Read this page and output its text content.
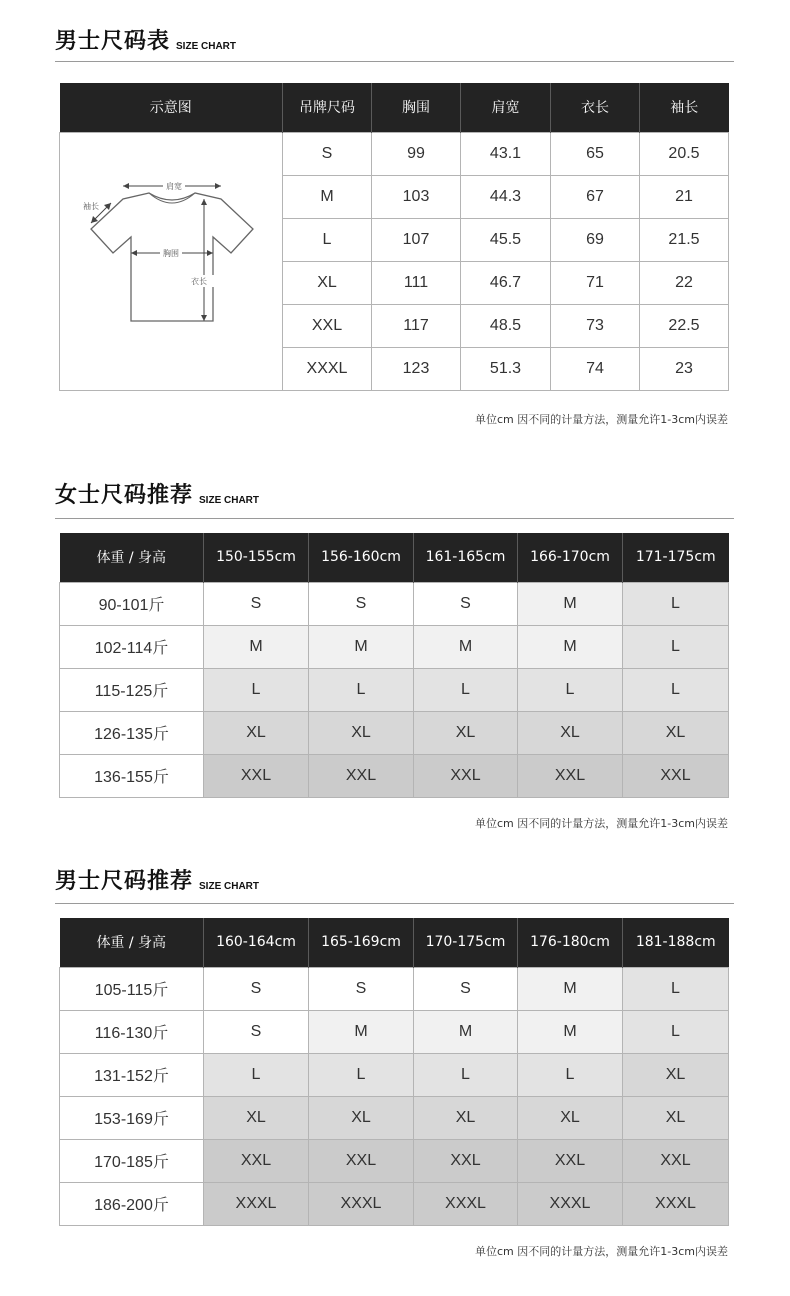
男士尺码表 SIZE CHART
示意图	吊牌尺码	胸围	肩宽	衣长	袖长

肩宽
袖长
胸围
衣长	S	99	43.1	65	20.5
	M	103	44.3	67	21
	L	107	45.5	69	21.5
	XL	111	46.7	71	22
	XXL	117	48.5	73	22.5
	XXXL	123	51.3	74	23
单位cm 因不同的计量方法，测量允许1-3cm内误差
女士尺码推荐 SIZE CHART
体重 / 身高	150-155cm	156-160cm	161-165cm	166-170cm	171-175cm
90-101斤	S	S	S	M	L
102-114斤	M	M	M	M	L
115-125斤	L	L	L	L	L
126-135斤	XL	XL	XL	XL	XL
136-155斤	XXL	XXL	XXL	XXL	XXL
单位cm 因不同的计量方法，测量允许1-3cm内误差
男士尺码推荐 SIZE CHART
体重 / 身高	160-164cm	165-169cm	170-175cm	176-180cm	181-188cm
105-115斤	S	S	S	M	L
116-130斤	S	M	M	M	L
131-152斤	L	L	L	L	XL
153-169斤	XL	XL	XL	XL	XL
170-185斤	XXL	XXL	XXL	XXL	XXL
186-200斤	XXXL	XXXL	XXXL	XXXL	XXXL
单位cm 因不同的计量方法，测量允许1-3cm内误差
